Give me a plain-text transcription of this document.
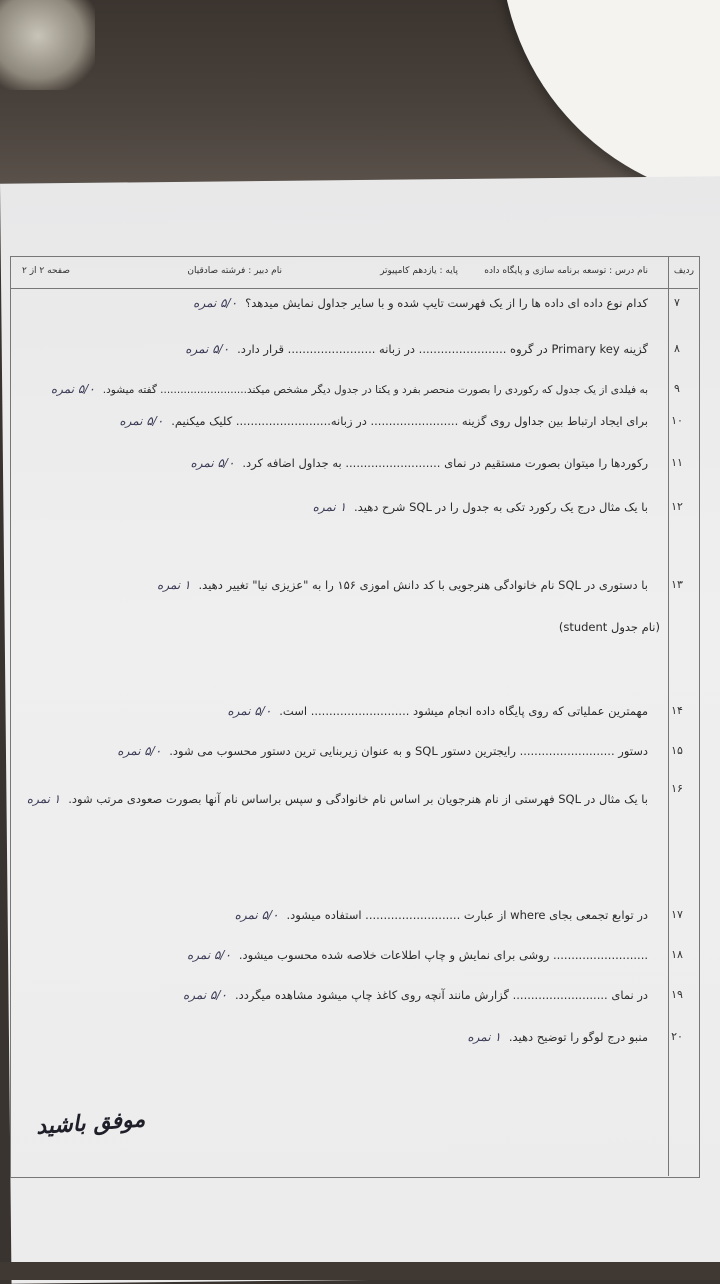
ردیف
نام درس : توسعه برنامه سازی و پایگاه داده
پایه : یازدهم کامپیوتر
نام دبیر : فرشته صادقیان
صفحه ۲ از ۲
۷
کدام نوع داده ای داده ها را از یک فهرست تایپ شده و با سایر جداول نمایش میدهد؟۵/۰ نمره
۸
گزینه Primary key در گروه ........................ در زبانه ........................ قرار دارد.۵/۰ نمره
۹
به فیلدی از یک جدول که رکوردی را بصورت منحصر بفرد و یکتا در جدول دیگر مشخص میکند.......................... گفته میشود.۵/۰ نمره
۱۰
برای ایجاد ارتباط بین جداول روی گزینه ........................ در زبانه.......................... کلیک میکنیم.۵/۰ نمره
۱۱
رکوردها را میتوان بصورت مستقیم در نمای .......................... به جداول اضافه کرد.۵/۰ نمره
۱۲
با یک مثال درج یک رکورد تکی به جدول را در SQL شرح دهید.۱ نمره
۱۳
با دستوری در SQL نام خانوادگی هنرجویی با کد دانش اموزی ۱۵۶ را به "عزیزی نیا" تغییر دهید.۱ نمره
(نام جدول student)
۱۴
مهمترین عملیاتی که روی پایگاه داده انجام میشود ........................... است.۵/۰ نمره
۱۵
دستور .......................... رایجترین دستور SQL و به عنوان زیربنایی ترین دستور محسوب می شود.۵/۰ نمره
۱۶
با یک مثال در SQL فهرستی از نام هنرجویان بر اساس نام خانوادگی و سپس براساس نام آنها بصورت صعودی مرتب شود.۱ نمره
۱۷
در توابع تجمعی بجای where از عبارت .......................... استفاده میشود.۵/۰ نمره
۱۸
.......................... روشی برای نمایش و چاپ اطلاعات خلاصه شده محسوب میشود.۵/۰ نمره
۱۹
در نمای .......................... گزارش مانند آنچه روی کاغذ چاپ میشود مشاهده میگردد.۵/۰ نمره
۲۰
منبو درج لوگو را توضیح دهید.۱ نمره
موفق باشید
